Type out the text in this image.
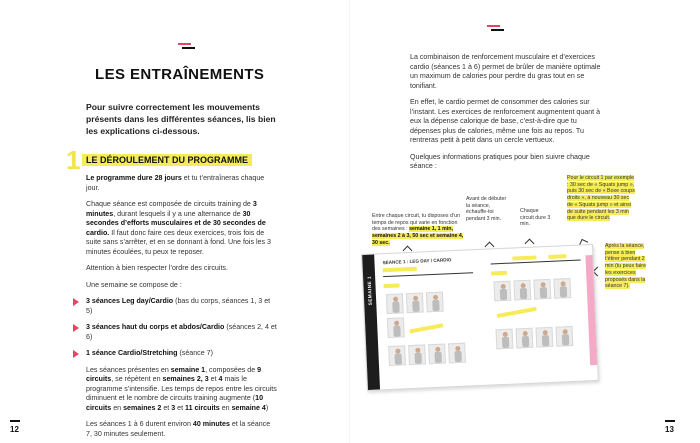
LES ENTRAÎNEMENTS
Pour suivre correctement les mouvements présents dans les différentes séances, lis bien les explications ci-dessous.
1 LE DÉROULEMENT DU PROGRAMME

Le programme dure 28 jours et tu t’entraîneras chaque jour.

Chaque séance est composée de circuits training de 3 minutes, durant lesquels il y a une alternance de 30 secondes d’efforts musculaires et de 30 secondes de cardio. Il faut donc faire ces deux exercices, trois fois de suite sans s’arrêter, et en se donnant à fond. Une fois les 3 minutes écoulées, tu peux te reposer.

Attention à bien respecter l’ordre des circuits.

Une semaine se compose de :

3 séances Leg day/Cardio (bas du corps, séances 1, 3 et 5)
3 séances haut du corps et abdos/Cardio (séances 2, 4 et 6)
1 séance Cardio/Stretching (séance 7)

Les séances présentes en semaine 1, composées de 9 circuits, se répètent en semaines 2, 3 et 4 mais le programme s’intensifie. Les temps de repos entre les circuits diminuent et le nombre de circuits training augmente (10 circuits en semaines 2 et 3 et 11 circuits en semaine 4)

Les séances 1 à 6 durent environ 40 minutes et la séance 7, 30 minutes seulement.

12

La combinaison de renforcement musculaire et d’exercices cardio (séances 1 à 6) permet de brûler de manière optimale un maximum de calories pour perdre du gras tout en se tonifiant.

En effet, le cardio permet de consommer des calories sur l’instant. Les exercices de renforcement augmentent quant à eux la dépense calorique de base, c’est-à-dire que tu dépenses plus de calories, même une fois au repos. Tu rentreras petit à petit dans un cercle vertueux.

Quelques informations pratiques pour bien suivre chaque séance :

Entre chaque circuit, tu disposes d’un temps de repos qui varie en fonction des semaines : semaine 1, 1 min, semaines 2 à 3, 50 sec et semaine 4, 30 sec.
Avant de débuter la séance, échauffe-toi pendant 3 min.
Chaque circuit dure 3 min.
Pour le circuit 1 par exemple : 30 sec de « Squats jump », puis 30 sec de « Boxe coups droits », à nouveau 30 sec de « Squats jump » et ainsi de suite pendant les 3 min que dure le circuit.
Après la séance, pense à bien t’étirer pendant 2 min (tu peux faire les exercices proposés dans la séance 7).
SEMAINE 1
SÉANCE 1 : LEG DAY / CARDIO
13
